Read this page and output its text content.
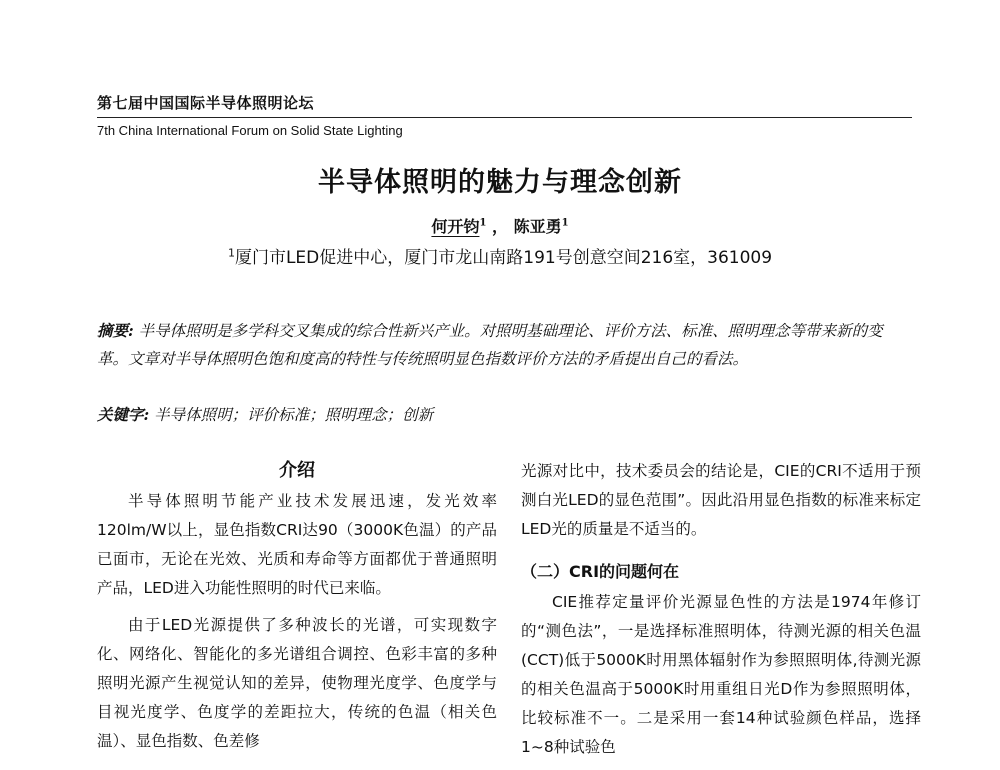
第七届中国国际半导体照明论坛
7th China International Forum on Solid State Lighting
半导体照明的魅力与理念创新
何开钧$^1$ ， 陈亚勇$^1$
$^1$厦门市LED促进中心，厦门市龙山南路191号创意空间216室，361009
摘要: 半导体照明是多学科交叉集成的综合性新兴产业。对照明基础理论、评价方法、标准、照明理念等带来新的变革。文章对半导体照明色饱和度高的特性与传统照明显色指数评价方法的矛盾提出自己的看法。
关键字: 半导体照明；评价标准；照明理念；创新
介绍

半导体照明节能产业技术发展迅速，发光效率120lm/W以上，显色指数CRI达90（3000K色温）的产品已面市，无论在光效、光质和寿命等方面都优于普通照明产品，LED进入功能性照明的时代已来临。

由于LED光源提供了多种波长的光谱，可实现数字化、网络化、智能化的多光谱组合调控、色彩丰富的多种照明光源产生视觉认知的差异，使物理光度学、色度学与目视光度学、色度学的差距拉大，传统的色温（相关色温）、显色指数、色差修

光源对比中，技术委员会的结论是，CIE的CRI不适用于预测白光LED的显色范围”。因此沿用显色指数的标准来标定LED光的质量是不适当的。

（二）CRI的问题何在

CIE推荐定量评价光源显色性的方法是1974年修订的“测色法”，一是选择标准照明体，待测光源的相关色温(CCT)低于5000K时用黑体辐射作为参照照明体,待测光源的相关色温高于5000K时用重组日光D作为参照照明体，比较标准不一。二是采用一套14种试验颜色样品，选择1~8种试验色
